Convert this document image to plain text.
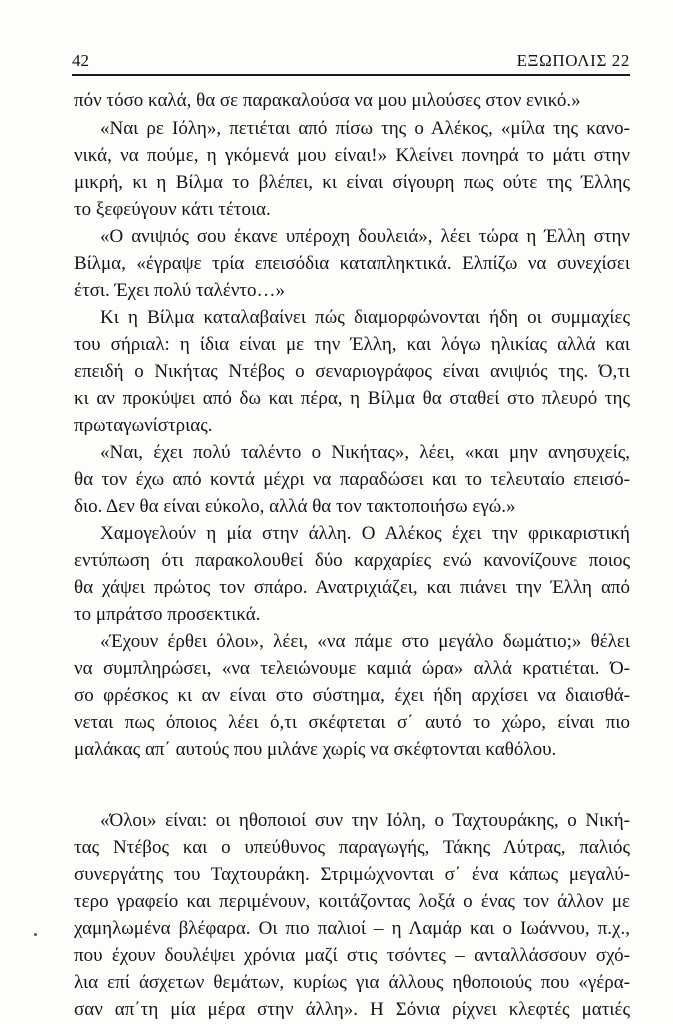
42	ΕΞΩΠΟΛΙΣ 22
πόν τόσο καλά, θα σε παρακαλούσα να μου μιλούσες στον ενικό.»
«Ναι ρε Ιόλη», πετιέται από πίσω της ο Αλέκος, «μίλα της κανο-
νικά, να πούμε, η γκόμενά μου είναι!» Κλείνει πονηρά το μάτι στην
μικρή, κι η Βίλμα το βλέπει, κι είναι σίγουρη πως ούτε της Έλλης
το ξεφεύγουν κάτι τέτοια.
«Ο ανιψιός σου έκανε υπέροχη δουλειά», λέει τώρα η Έλλη στην
Βίλμα, «έγραψε τρία επεισόδια καταπληκτικά. Ελπίζω να συνεχίσει
έτσι. Έχει πολύ ταλέντο…»
Κι η Βίλμα καταλαβαίνει πώς διαμορφώνονται ήδη οι συμμαχίες
του σήριαλ: η ίδια είναι με την Έλλη, και λόγω ηλικίας αλλά και
επειδή ο Νικήτας Ντέβος ο σεναριογράφος είναι ανιψιός της. Ό,τι
κι αν προκύψει από δω και πέρα, η Βίλμα θα σταθεί στο πλευρό της
πρωταγωνίστριας.
«Ναι, έχει πολύ ταλέντο ο Νικήτας», λέει, «και μην ανησυχείς,
θα τον έχω από κοντά μέχρι να παραδώσει και το τελευταίο επεισό-
διο. Δεν θα είναι εύκολο, αλλά θα τον τακτοποιήσω εγώ.»
Χαμογελούν η μία στην άλλη. Ο Αλέκος έχει την φρικαριστική
εντύπωση ότι παρακολουθεί δύο καρχαρίες ενώ κανονίζουνε ποιος
θα χάψει πρώτος τον σπάρο. Ανατριχιάζει, και πιάνει την Έλλη από
το μπράτσο προσεκτικά.
«Έχουν έρθει όλοι», λέει, «να πάμε στο μεγάλο δωμάτιο;» θέλει
να συμπληρώσει, «να τελειώνουμε καμιά ώρα» αλλά κρατιέται. Ό-
σο φρέσκος κι αν είναι στο σύστημα, έχει ήδη αρχίσει να διαισθά-
νεται πως όποιος λέει ό,τι σκέφτεται σ΄ αυτό το χώρο, είναι πιο
μαλάκας απ΄ αυτούς που μιλάνε χωρίς να σκέφτονται καθόλου.
«Όλοι» είναι: οι ηθοποιοί συν την Ιόλη, ο Ταχτουράκης, ο Νική-
τας Ντέβος και ο υπεύθυνος παραγωγής, Τάκης Λύτρας, παλιός
συνεργάτης του Ταχτουράκη. Στριμώχνονται σ΄ ένα κάπως μεγαλύ-
τερο γραφείο και περιμένουν, κοιτάζοντας λοξά ο ένας τον άλλον με
χαμηλωμένα βλέφαρα. Οι πιο παλιοί – η Λαμάρ και ο Ιωάννου, π.χ.,
που έχουν δουλέψει χρόνια μαζί στις τσόντες – ανταλλάσσουν σχό-
λια επί άσχετων θεμάτων, κυρίως για άλλους ηθοποιούς που «γέρα-
σαν απ΄τη μία μέρα στην άλλη». Η Σόνια ρίχνει κλεφτές ματιές
